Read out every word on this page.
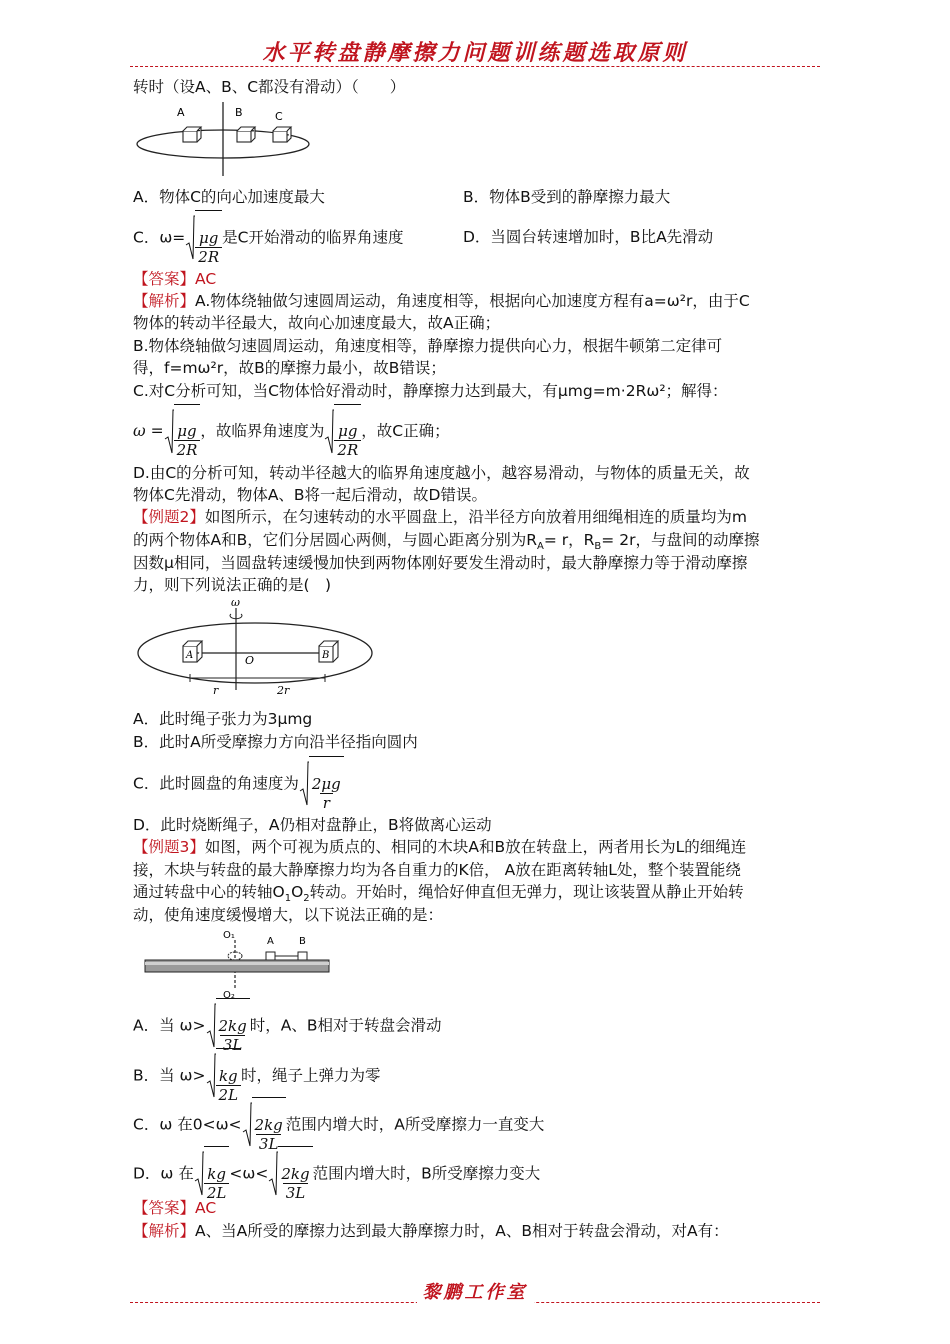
水平转盘静摩擦力问题训练题选取原则
转时（设A、B、C都没有滑动）（　　）
A	B	C
A．物体C的向心加速度最大	B．物体B受到的静摩擦力最大
C．$\omega= \frac{\mu g}{2R}$ 是C开始滑动的临界角速度	D．当圆台转速增加时，B比A先滑动
【答案】AC
【解析】A.物体绕轴做匀速圆周运动，角速度相等，根据向心加速度方程有a=ω²r，由于C
物体的转动半径最大，故向心加速度最大，故A正确；
B.物体绕轴做匀速圆周运动，角速度相等，静摩擦力提供向心力，根据牛顿第二定律可
得，f=mω²r，故B的摩擦力最小，故B错误；
C.对C分析可知，当C物体恰好滑动时，静摩擦力达到最大，有μmg=m·2Rω²；解得：
$\omega = \frac{\mu g}{2R}$ ，故临界角速度为 $\frac{\mu g}{2R}$ ，故C正确；
D.由C的分析可知，转动半径越大的临界角速度越小，越容易滑动，与物体的质量无关，故
物体C先滑动，物体A、B将一起后滑动，故D错误。
【例题2】如图所示，在匀速转动的水平圆盘上，沿半径方向放着用细绳相连的质量均为m
的两个物体A和B，它们分居圆心两侧，与圆心距离分别为$R_A= r$，$R_B= 2r$，与盘间的动摩擦
因数μ相同，当圆盘转速缓慢加快到两物体刚好要发生滑动时，最大静摩擦力等于滑动摩擦
力，则下列说法正确的是(　)
ω
A	B
O
r	2r
A．此时绳子张力为3μmg
B．此时A所受摩擦力方向沿半径指向圆内
C．此时圆盘的角速度为 $\frac{2\mu g}{r}$
D．此时烧断绳子，A仍相对盘静止，B将做离心运动
【例题3】如图，两个可视为质点的、相同的木块A和B放在转盘上，两者用长为L的细绳连
接，木块与转盘的最大静摩擦力均为各自重力的K倍， A放在距离转轴L处，整个装置能绕
通过转盘中心的转轴$O_1O_2$转动。开始时，绳恰好伸直但无弹力，现让该装置从静止开始转
动，使角速度缓慢增大，以下说法正确的是：
O₁
A	B
O₂
A．当 $\omega> \frac{2kg}{3L}$ 时，A、B相对于转盘会滑动
B．当 $\omega> \frac{kg}{2L}$ 时，绳子上弹力为零
C．ω 在$0<\omega< \frac{2kg}{3L}$ 范围内增大时，A所受摩擦力一直变大
D．ω 在 $\frac{kg}{2L} <\omega< \frac{2kg}{3L}$ 范围内增大时，B所受摩擦力变大
【答案】AC
【解析】A、当A所受的摩擦力达到最大静摩擦力时，A、B相对于转盘会滑动，对A有：
黎鹏工作室
